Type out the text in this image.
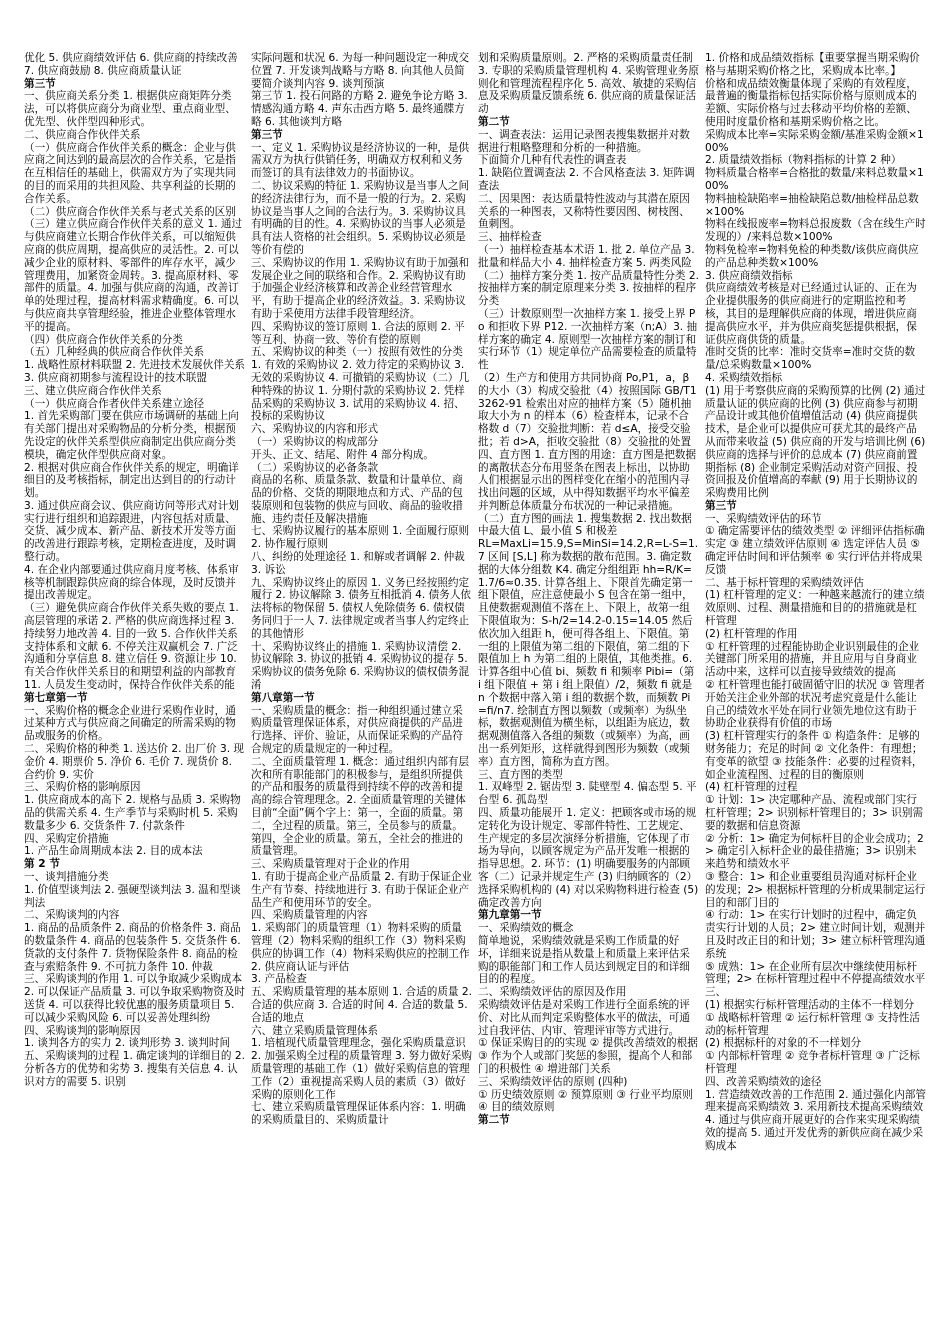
优化 5. 供应商绩效评估 6. 供应商的持续改善 7. 供应商鼓励 8. 供应商质量认证

第三节

一、供应商关系分类 1. 根据供应商矩阵分类法，可以将供应商分为商业型、重点商业型、优先型、伙伴型四种形式。

二、供应商合作伙伴关系

（一）供应商合作伙伴关系的概念：企业与供应商之间达到的最高层次的合作关系，它是指在互相信任的基础上，供需双方为了实现共同的目的而采用的共担风险、共享利益的长期的合作关系。

（二）供应商合作伙伴关系与老式关系的区别

（三）建立供应商合作伙伴关系的意义 1. 通过与供应商建立长期合作伙伴关系，可以缩短供应商的供应周期，提高供应的灵活性。2. 可以减少企业的原材料、零部件的库存水平，减少管理费用，加紧资金周转。3. 提高原材料、零部件的质量。4. 加强与供应商的沟通，改善订单的处理过程，提高材料需求精确度。6. 可以与供应商共享管理经验，推进企业整体管理水平的提高。

（四）供应商合作伙伴关系的分类

（五）几种经典的供应商合作伙伴关系

1. 战略性原材料联盟 2. 先进技术发展伙伴关系 3. 供应商初期参与流程设计的技术联盟

三、建立供应商合作伙伴关系

（一）供应商合作者伙伴关系建立途径

1. 首先采购部门要在供应市场调研的基础上向有关部门提出对采购物品的分析分类，根据预先设定的伙伴关系型供应商制定出供应商分类模块，确定伙伴型供应商对象。

2. 根据对供应商合作伙伴关系的规定，明确详细目的及考核指标，制定出达到目的的行动计划。

3. 通过供应商会议、供应商访问等形式对计划实行进行组织和追踪跟进，内容包括对质量、交货、减少成本、新产品、新技术开发等方面的改善进行跟踪考核，定期检查进度，及时调整行动。

4. 在企业内部要通过供应商月度考核、体系审核等机制跟踪供应商的综合体现，及时反馈并提出改善规定。

（三）避免供应商合作伙伴关系失败的要点 1. 高层管理的承诺 2. 严格的供应商选择过程 3. 持续努力地改善 4. 目的一致 5. 合作伙伴关系支持体系和文献 6. 不停关注双赢机会 7. 广泛沟通和分享信息 8. 建立信任 9. 资源让步 10. 有关合作伙伴关系目的和期望利益的内部教育 11. 人员发生变动时，保持合作伙伴关系的能

第七章第一节

一、采购价格的概念企业进行采购作业时，通过某种方式与供应商之间确定的所需采购的物品或服务的价格。

二、采购价格的种类 1. 送达价 2. 出厂价 3. 现金价 4. 期票价 5. 净价 6. 毛价 7. 现货价 8. 合约价 9. 实价

三、采购价格的影响原因

1. 供应商成本的高下 2. 规格与品质 3. 采购物品的供需关系 4. 生产季节与采购时机 5. 采购数量多少 6. 交货条件 7. 付款条件

四、采购定价措施

1. 产品生命周期成本法 2. 目的成本法

第 2 节

一、谈判措施分类

1. 价值型谈判法 2. 强硬型谈判法 3. 温和型谈判法

二、采购谈判的内容

1. 商品的品质条件 2. 商品的价格条件 3. 商品的数量条件 4. 商品的包装条件 5. 交货条件 6. 货款的支付条件 7. 货物保险条件 8. 商品的检查与索赔条件 9. 不可抗力条件 10. 仲裁

三、采购谈判的作用 1. 可以争取减少采购成本 2. 可以保证产品质量 3. 可以争取采购物资及时送货 4. 可以获得比较优惠的服务质量项目 5. 可以减少采购风险 6. 可以妥善处理纠纷

四、采购谈判的影响原因

1. 谈判各方的实力 2. 谈判形势 3. 谈判时间

五、采购谈判的过程 1. 确定谈判的详细目的 2. 分析各方的优势和劣势 3. 搜集有关信息 4. 认识对方的需要 5. 识别

实际问题和状况 6. 为每一种问题设定一种成交位置 7. 开发谈判战略与方略 8. 向其他人员简要简介谈判内容 9. 谈判预演

第三节 1. 投石问路的方略 2. 避免争论方略 3. 情感沟通方略 4. 声东击西方略 5. 最终通牒方略 6. 其他谈判方略

第三节

一、定义 1. 采购协议是经济协议的一种，是供需双方为执行供销任务，明确双方权利和义务而签订的具有法律效力的书面协议。

二、协议采购的特征 1. 采购协议是当事人之间的经济法律行为，而不是一般的行为。2. 采购协议是当事人之间的合法行为。3. 采购协议具有明确的目的性。4. 采购协议的当事人必须是具有法人资格的社会组织。5. 采购协议必须是等价有偿的

三、采购协议的作用 1. 采购协议有助于加强和发展企业之间的联络和合作。2. 采购协议有助于加强企业经济核算和改善企业经营管理水平，有助于提高企业的经济效益。3. 采购协议有助于采使用方法律手段管理经济。

四、采购协议的签订原则 1. 合法的原则 2. 平等互利、协商一致、等价有偿的原则

五、采购协议的种类（一）按照有效性的分类 1. 有效的采购协议 2. 效力待定的采购协议 3. 无效的采购协议 4. 可撤销的采购协议（二）几种特殊的协议 1. 分期付款的采购协议 2. 凭样品采购的采购协议 3. 试用的采购协议 4. 招、投标的采购协议

六、采购协议的内容和形式

（一）采购协议的构成部分

开头、正文、结尾、附件 4 部分构成。

（二）采购协议的必备条款

商品的名称、质量条款、数量和计量单位、商品的价格、交货的期限地点和方式、产品的包装原则和包装物的供应与回收、商品的验收措施、违约责任及解决措施

七、采购协议履行的基本原则 1. 全面履行原则 2. 协作履行原则

八、纠纷的处理途径 1. 和解或者调解 2. 仲裁 3. 诉讼

九、采购协议终止的原因 1. 义务已经按照约定履行 2. 协议解除 3. 债务互相抵消 4. 债务人依法将标的物保留 5. 债权人免除债务 6. 债权债务同归于一人 7. 法律规定或者当事人约定终止的其他情形

十、采购协议终止的措施 1. 采购协议清偿 2. 协议解除 3. 协议的抵销 4. 采购协议的提存 5. 采购协议的债务免除 6. 采购协议的债权债务混淆

第八章第一节

一、采购质量的概念：指一种组织通过建立采购质量管理保证体系，对供应商提供的产品进行选择、评价、验证，从而保证采购的产品符合规定的质量规定的一种过程。

二、全面质量管理 1. 概念：通过组织内部有层次和所有职能部门的积极参与，是组织所提供的产品和服务的质量得到持续不停的改善和提高的综合管理理念。2. 全面质量管理的关键体目前“全面”俩个字上：第一，全面的质量。第二，全过程的质量。第三，全员参与的质量。第四，全企业的质量。第五，全社会的推进的质量管理。

三、采购质量管理对于企业的作用

1. 有助于提高企业产品质量 2. 有助于保证企业生产有节奏、持续地进行 3. 有助于保证企业产品生产和使用环节的安全。

四、采购质量管理的内容

1. 采购部门的质量管理（1）物料采购的质量管理（2）物料采购的组织工作（3）物料采购供应的协调工作（4）物料采购供应的控制工作

2. 供应商认证与评估

3. 产品检查

五、采购质量管理的基本原则 1. 合适的质量 2. 合适的供应商 3. 合适的时间 4. 合适的数量 5. 合适的地点

六、建立采购质量管理体系

1. 培植现代质量管理理念，强化采购质量意识

2. 加强采购全过程的质量管理 3. 努力做好采购质量管理的基础工作（1）做好采购信息的管理工作（2）重视提高采购人员的素质（3）做好采购的原则化工作

七、建立采购质量管理保证体系内容：1. 明确的采购质量目的、采购质量计

划和采购质量原则。2. 严格的采购质量责任制 3. 专职的采购质量管理机构 4. 采购管理业务原则化和管理流程程序化 5. 高效、敏捷的采购信息及采购质量反馈系统 6. 供应商的质量保证活动

第二节

一、调查表法：运用记录图表搜集数据并对数据进行粗略整理和分析的一种措施。

下面简介几种有代表性的调查表

1. 缺陷位置调查法 2. 不合风格查法 3. 矩阵调查法

二、因果图：表达质量特性波动与其潜在原因关系的一种图表，又称特性要因图、树枝图、鱼刺图。

三、抽样检查

（一）抽样检查基本术语 1. 批 2. 单位产品 3. 批量和样品大小 4. 抽样检查方案 5. 两类风险

（二）抽样方案分类 1. 按产品质量特性分类 2. 按抽样方案的制定原理来分类 3. 按抽样的程序分类

（三）计数原则型一次抽样方案 1. 接受上界 Po 和拒收下界 P12. 一次抽样方案（n;A）3. 抽样方案的确定 4. 原则型一次抽样方案的制订和实行环节（1）规定单位产品需要检查的质量特性

（2）生产方和使用方共同协商 Po,P1，a，β 的大小（3）构成交验批（4）按照国际 GB/T13262-91 检索出对应的抽样方案（5）随机抽取大小为 n 的样本（6）检查样本，记录不合格数 d（7）交验批判断：若 d≤A，接受交验批；若 d>A，拒收交验批（8）交验批的处置四、直方图 1. 直方图的用途：直方图是把数据的离散状态分布用竖条在图表上标出，以协助人们根据显示出的图样变化在缩小的范围内寻找出问题的区域，从中得知数据平均水平偏差并判断总体质量分布状况的一种记录措施。（二）直方图的画法 1. 搜集数据 2. 找出数据中最大值 L、最小值 S 和极差

RL=MaxLi=15.9,S=MinSi=14.2,R=L-S=1.7 区间 [S,L] 称为数据的散布范围。3. 确定数据的大体分组数 K4. 确定分组组距 hh=R/K=1.7/6≈0.35. 计算各组上、下限首先确定第一组下限值，应注意使最小 S 包含在第一组中，且使数据观测值不落在上、下限上，故第一组下限值取为：S-h/2=14.2-0.15=14.05 然后依次加入组距 h，便可得各组上、下限值。第一组的上限值为第二组的下限值，第二组的下限值加上 h 为第二组的上限值，其他类推。6. 计算各组中心值 bi、频数 fi 和频率 Pibi=（第 i 组下限值 + 第 i 组上限值）/2，频数 fi 就是 n 个数据中落入第 i 组的数据个数，而频数 Pi=fi/n7. 绘制直方图以频数（或频率）为纵坐标，数据观测值为横坐标，以组距为底边，数据观测值落入各组的频数（或频率）为高，画出一系列矩形，这样就得到图形为频数（或频率）直方图，简称为直方图。

三、直方图的类型

1. 双峰型 2. 锯齿型 3. 陡壁型 4. 偏态型 5. 平台型 6. 孤岛型

四、质量功能展开 1. 定义：把顾客或市场的规定转化为设计规定、零部件特性、工艺规定、生产规定的多层次演绎分析措施，它体现了市场为导向，以顾客规定为产品开发唯一根据的指导思想。2. 环节：(1) 明确要服务的内部顾客（二）记录并规定生产 (3) 归纳顾客的（2）选择采购机构的 (4) 对以采购物料进行检查 (5) 确定改善方向

第九章第一节

一、采购绩效的概念

简单地说，采购绩效就是采购工作质量的好坏，详细来说是指从数量上和质量上来评估采购的职能部门和工作人员达到规定目的和详细目的的程度。

二、采购绩效评估的原因及作用

采购绩效评估是对采购工作进行全面系统的评价、对比从而判定采购整体水平的做法，可通过自我评估、内审、管理评审等方式进行。

① 保证采购目的的实现 ② 提供改善绩效的根据 ③ 作为个人或部门奖惩的参照，提高个人和部门的积极性 ④ 增进部门关系

三、采购绩效评估的原则 (四种)

① 历史绩效原则 ② 预算原则 ③ 行业平均原则 ④ 目的绩效原则

第二节

1. 价格和成品绩效指标【重要掌握当期采购价格与基期采购价格之比，采购成本比率。】

价格和成品绩效衡量体现了采购的有效程度，最普遍的衡量指标包括实际价格与原则成本的差额、实际价格与过去移动平均价格的差额、使用时度量价格和基期采购价格之比。

采购成本比率=实际采购金额/基准采购金额×100%

2. 质量绩效指标（物料指标的计算 2 种）

物料质量合格率=合格批的数量/来料总数量×100%

物料抽检缺陷率=抽检缺陷总数/抽检样品总数×100%

物料在线报废率=物料总报废数（含在线生产时发现的）/来料总数×100%

物料免检率=物料免检的种类数/该供应商供应的产品总种类数×100%

3. 供应商绩效指标

供应商绩效考核是对已经通过认证的、正在为企业提供服务的供应商进行的定期监控和考核，其目的是理解供应商的体现，增进供应商提高供应水平，并为供应商奖惩提供根据，保证供应商供货的质量。

准时交货的比率：准时交货率=准时交货的数量/总采购数量×100%

4. 采购绩效指标

(1) 用于考察供应商的采购预算的比例 (2) 通过质量认证的供应商的比例 (3) 供应商参与初期产品设计或其他价值增值活动 (4) 供应商提供技术，是企业可以提供应可获尤其的最终产品从而带来收益 (5) 供应商的开发与培训比例 (6) 供应商的选择与评价的总成本 (7) 供应商前置期指标 (8) 企业制定采购活动对资产回报、投资回报及价值增高的奉献 (9) 用于长期协议的采购费用比例

第三节

一、采购绩效评估的环节

① 确定需要评估的绩效类型 ② 评细评估指标确实定 ③ 建立绩效评估原则 ④ 选定评估人员 ⑤ 确定评估时间和评估频率 ⑥ 实行评估并将成果反馈

二、基于标杆管理的采购绩效评估

(1) 杠杆管理的定义：一种越来越流行的建立绩效原则、过程、测量措施和目的的措施就是杠杆管理

(2) 杠杆管理的作用

① 杠杆管理的过程能协助企业识别最佳的企业关键部门所采用的措施，并且应用与自身商业活动中来，这样可以直接导致绩效的提高

② 杠杆管理也能打破固循守旧的状况 ③ 管理者开始关注企业外部的状况考虑究竟是什么能让自己的绩效水平处在同行业领先地位这有助于协助企业获得有价值的市场

(3) 杠杆管理实行的条件 ① 构造条件：足够的财务能力；充足的时间 ② 文化条件：有理想；有变革的欲望 ③ 技能条件：必要的过程资料，如企业流程图、过程的目的衡原则

(4) 杠杆管理的过程

① 计划：1> 决定哪种产品、流程或部门实行杠杆管理；2> 识别标杆管理目的；3> 识别需要的数据和信息资源

② 分析：1> 确定为何标杆目的企业会成功；2> 确定引入标杆企业的最佳措施；3> 识别未来趋势和绩效水平

③ 整合：1> 和企业重要组员沟通对标杆企业的发现；2> 根据标杆管理的分析成果制定运行目的和部门目的

④ 行动：1> 在实行计划时的过程中，确定负责实行计划的人员；2> 建立时间计划，观测并且及时改正目的和计划；3> 建立标杆管理沟通系统

⑤ 成熟：1> 在企业所有层次中继续使用标杆管理；2> 在标杆管理过程中不停提高绩效水平

三、

(1) 根据实行标杆管理活动的主体不一样划分

① 战略标杆管理 ② 运行标杆管理 ③ 支持性活动的标杆管理

(2) 根据标杆的对象的不一样划分

① 内部标杆管理 ② 竞争者标杆管理 ③ 广泛标杆管理

四、改善采购绩效的途径

1. 营造绩效改善的工作范围 2. 通过强化内部管理来提高采购绩效 3. 采用新技术提高采购绩效 4. 通过与供应商开展更好的合作来实现采购绩效的提高 5. 通过开发优秀的新供应商在减少采购成本
